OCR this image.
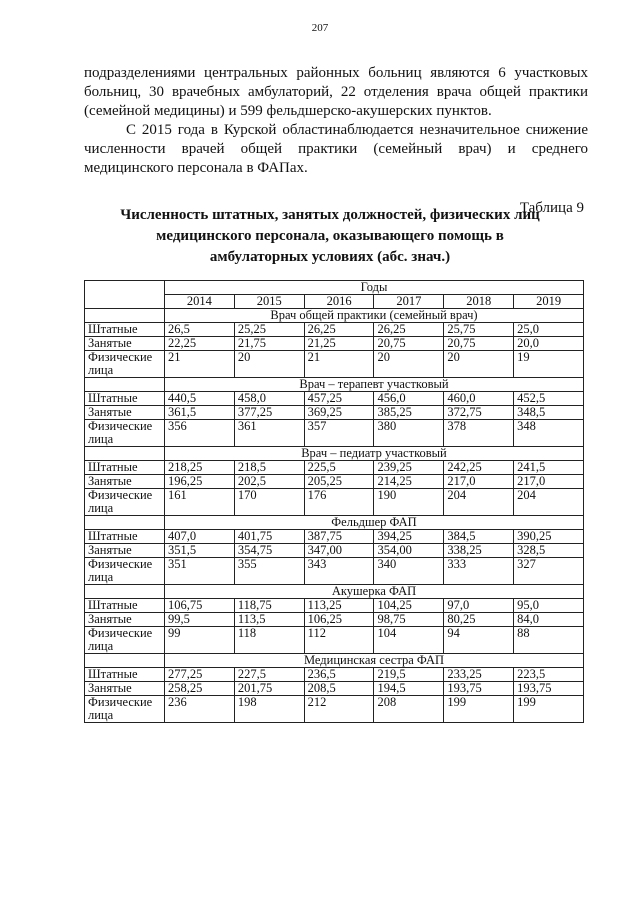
207

подразделениями центральных районных больниц являются 6 участковых больниц, 30 врачебных амбулаторий, 22 отделения врача общей практики (семейной медицины) и 599 фельдшерско-акушерских пунктов.

С 2015 года в Курской областинаблюдается незначительное снижение численности врачей общей практики (семейный врач) и среднего медицинского персонала в ФАПах.

Таблица 9
Численность штатных, занятых должностей, физических лиц медицинского персонала, оказывающего помощь в амбулаторных условиях (абс. знач.)
	Годы					
	2014	2015	2016	2017	2018	2019
	Врач общей практики (семейный врач)					
Штатные	26,5	25,25	26,25	26,25	25,75	25,0
Занятые	22,25	21,75	21,25	20,75	20,75	20,0
Физические лица	21	20	21	20	20	19
	Врач – терапевт участковый					
Штатные	440,5	458,0	457,25	456,0	460,0	452,5
Занятые	361,5	377,25	369,25	385,25	372,75	348,5
Физические лица	356	361	357	380	378	348
	Врач – педиатр участковый					
Штатные	218,25	218,5	225,5	239,25	242,25	241,5
Занятые	196,25	202,5	205,25	214,25	217,0	217,0
Физические лица	161	170	176	190	204	204
	Фельдшер ФАП					
Штатные	407,0	401,75	387,75	394,25	384,5	390,25
Занятые	351,5	354,75	347,00	354,00	338,25	328,5
Физические лица	351	355	343	340	333	327
	Акушерка ФАП					
Штатные	106,75	118,75	113,25	104,25	97,0	95,0
Занятые	99,5	113,5	106,25	98,75	80,25	84,0
Физические лица	99	118	112	104	94	88
	Медицинская сестра ФАП					
Штатные	277,25	227,5	236,5	219,5	233,25	223,5
Занятые	258,25	201,75	208,5	194,5	193,75	193,75
Физические лица	236	198	212	208	199	199
